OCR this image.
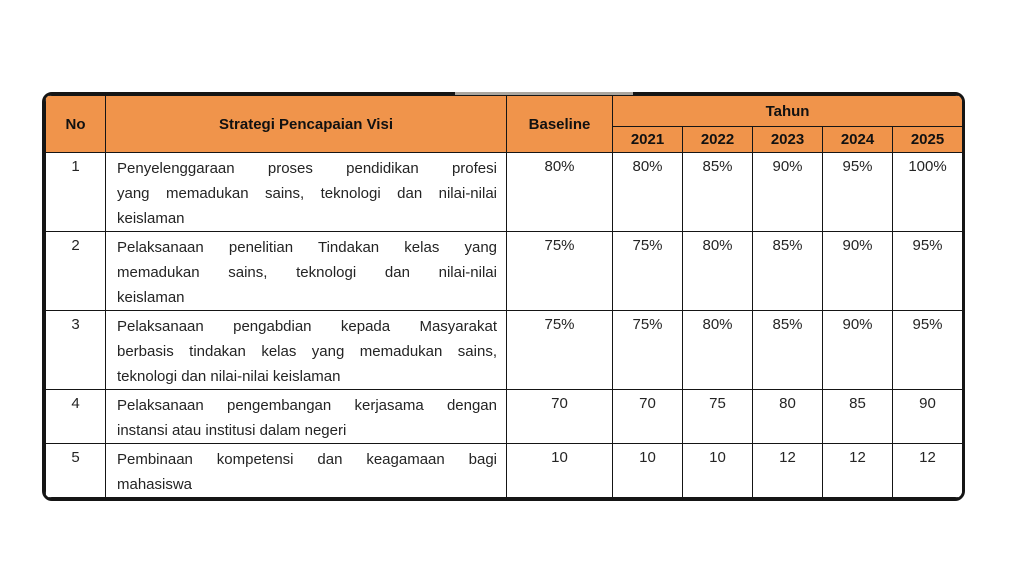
No	Strategi Pencapaian Visi	Baseline	Tahun				
			2021	2022	2023	2024	2025
1	Penyelenggaraan proses pendidikan profesi
yang memadukan sains, teknologi dan nilai-nilai
keislaman	80%	80%	85%	90%	95%	100%
2	Pelaksanaan penelitian Tindakan kelas yang
memadukan sains, teknologi dan nilai-nilai
keislaman	75%	75%	80%	85%	90%	95%
3	Pelaksanaan pengabdian kepada Masyarakat
berbasis tindakan kelas yang memadukan sains,
teknologi dan nilai-nilai keislaman	75%	75%	80%	85%	90%	95%
4	Pelaksanaan pengembangan kerjasama dengan
instansi atau institusi dalam negeri	70	70	75	80	85	90
5	Pembinaan kompetensi dan keagamaan bagi
mahasiswa	10	10	10	12	12	12
